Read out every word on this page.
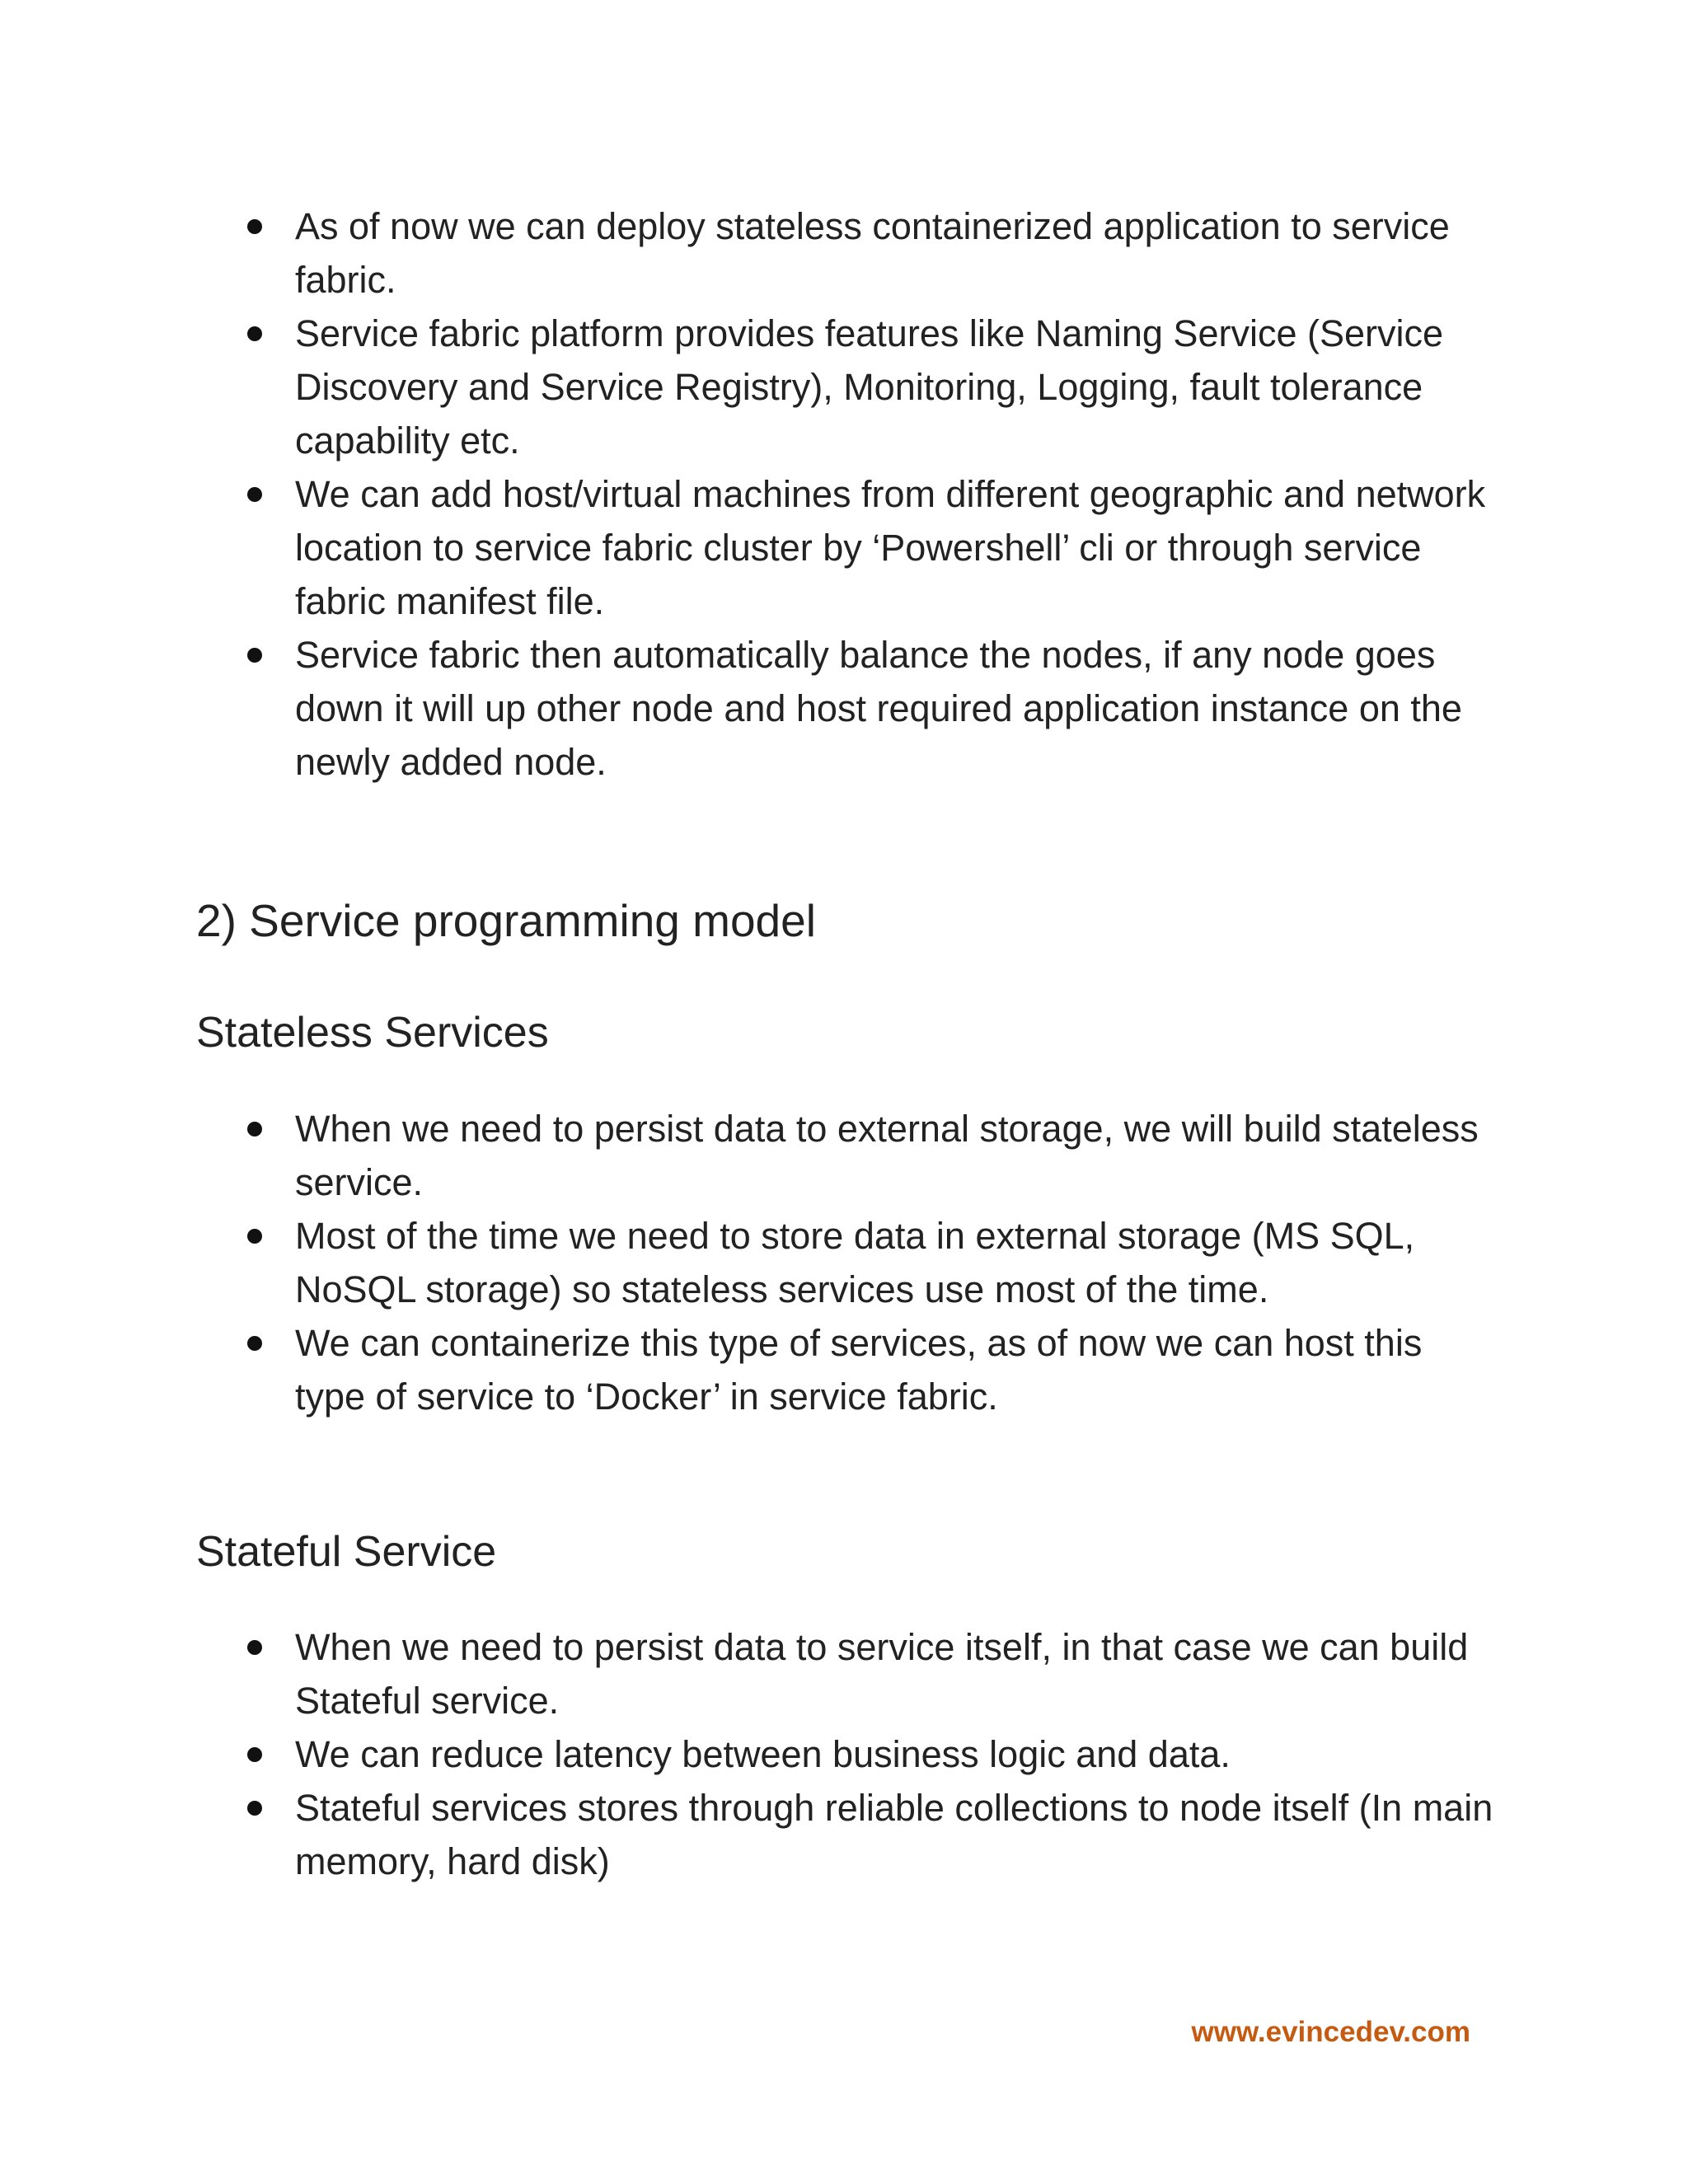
As of now we can deploy stateless containerized application to service fabric.
Service fabric platform provides features like Naming Service (Service Discovery and Service Registry), Monitoring, Logging, fault tolerance capability etc.
We can add host/virtual machines from different geographic and network location to service fabric cluster by ‘Powershell’ cli or through service fabric manifest file.
Service fabric then automatically balance the nodes, if any node goes down it will up other node and host required application instance on the newly added node.
2) Service programming model
Stateless Services
When we need to persist data to external storage, we will build stateless service.
Most of the time we need to store data in external storage (MS SQL, NoSQL storage) so stateless services use most of the time.
We can containerize this type of services, as of now we can host this type of service to ‘Docker’ in service fabric.
Stateful Service
When we need to persist data to service itself, in that case we can build Stateful service.
We can reduce latency between business logic and data.
Stateful services stores through reliable collections to node itself (In main memory, hard disk)
www.evincedev.com
